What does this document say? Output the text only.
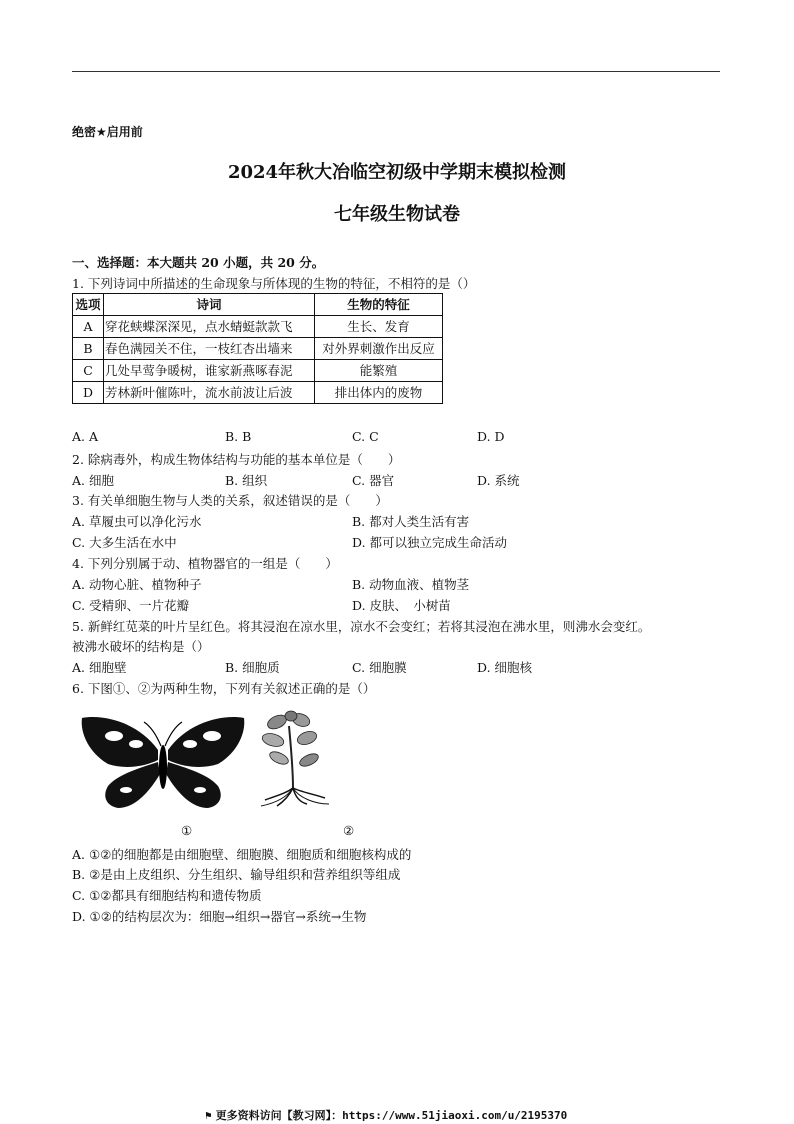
绝密★启用前
2024年秋大冶临空初级中学期末模拟检测
七年级生物试卷
一、选择题：本大题共 20 小题，共 20 分。
1. 下列诗词中所描述的生命现象与所体现的生物的特征，不相符的是（）
选项	诗词	生物的特征
A	穿花蛱蝶深深见，点水蜻蜓款款飞	生长、发育
B	春色满园关不住，一枝红杏出墙来	对外界刺激作出反应
C	几处早莺争暖树，谁家新燕啄春泥	能繁殖
D	芳林新叶催陈叶，流水前波让后波	排出体内的废物
A. A	B. B	C. C	D. D
2. 除病毒外，构成生物体结构与功能的基本单位是（　　）
A. 细胞	B. 组织	C. 器官	D. 系统
3. 有关单细胞生物与人类的关系，叙述错误的是（　　）
A. 草履虫可以净化污水	B. 都对人类生活有害
C. 大多生活在水中	D. 都可以独立完成生命活动
4. 下列分别属于动、植物器官的一组是（　　）
A. 动物心脏、植物种子	B. 动物血液、植物茎
C. 受精卵、一片花瓣	D. 皮肤、　小树苗
5. 新鲜红苋菜的叶片呈红色。将其浸泡在凉水里，凉水不会变红；若将其浸泡在沸水里，则沸水会变红。
被沸水破坏的结构是（）
A. 细胞壁	B. 细胞质	C. 细胞膜	D. 细胞核
6. 下图①、②为两种生物，下列有关叙述正确的是（）
①	②
A. ①②的细胞都是由细胞壁、细胞膜、细胞质和细胞核构成的
B. ②是由上皮组织、分生组织、输导组织和营养组织等组成
C. ①②都具有细胞结构和遗传物质
D. ①②的结构层次为：细胞→组织→器官→系统→生物
⚑ 更多资料访问【教习网】：https://www.51jiaoxi.com/u/2195370
